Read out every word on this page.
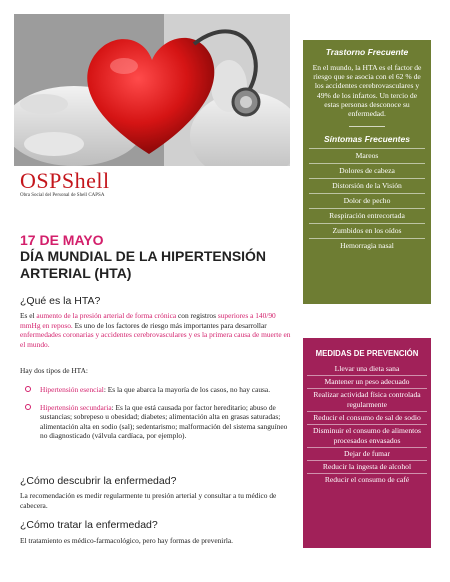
OSPShell
Obra Social del Personal de Shell CAPSA
17 DE MAYO
DÍA MUNDIAL DE LA HIPERTENSIÓN ARTERIAL (HTA)
¿Qué es la HTA?
Es el aumento de la presión arterial de forma crónica con registros superiores a 140/90 mmHg en reposo. Es uno de los factores de riesgo más importantes para desarrollar enfermedades coronarias y accidentes cerebrovasculares y es la primera causa de muerte en el mundo.
Hay dos tipos de HTA:
Hipertensión esencial: Es la que abarca la mayoría de los casos, no hay causa.
Hipertensión secundaria: Es la que está causada por factor hereditario; abuso de sustancias; sobrepeso u obesidad; diabetes; alimentación alta en grasas saturadas; alimentación alta en sodio (sal); sedentarismo; malformación del sistema sanguíneo no diagnosticado (válvula cardíaca, por ejemplo).
¿Cómo descubrir la enfermedad?
La recomendación es medir regularmente tu presión arterial y consultar a tu médico de cabecera.
¿Cómo tratar la enfermedad?
El tratamiento es médico-farmacológico, pero hay formas de prevenirla.
Trastorno Frecuente
En el mundo, la HTA es el factor de riesgo que se asocia con el 62 % de los accidentes cerebrovasculares y 49% de los infartos. Un tercio de estas personas desconoce su enfermedad.
Síntomas Frecuentes
Mareos
Dolores de cabeza
Distorsión de la Visión
Dolor de pecho
Respiración entrecortada
Zumbidos en los oídos
Hemorragia nasal
MEDIDAS DE PREVENCIÓN
Llevar una dieta sana
Mantener un peso adecuado
Realizar actividad física controlada regularmente
Reducir el consumo de sal de sodio
Disminuir el consumo de alimentos procesados envasados
Dejar de fumar
Reducir la ingesta de alcohol
Reducir el consumo de café
